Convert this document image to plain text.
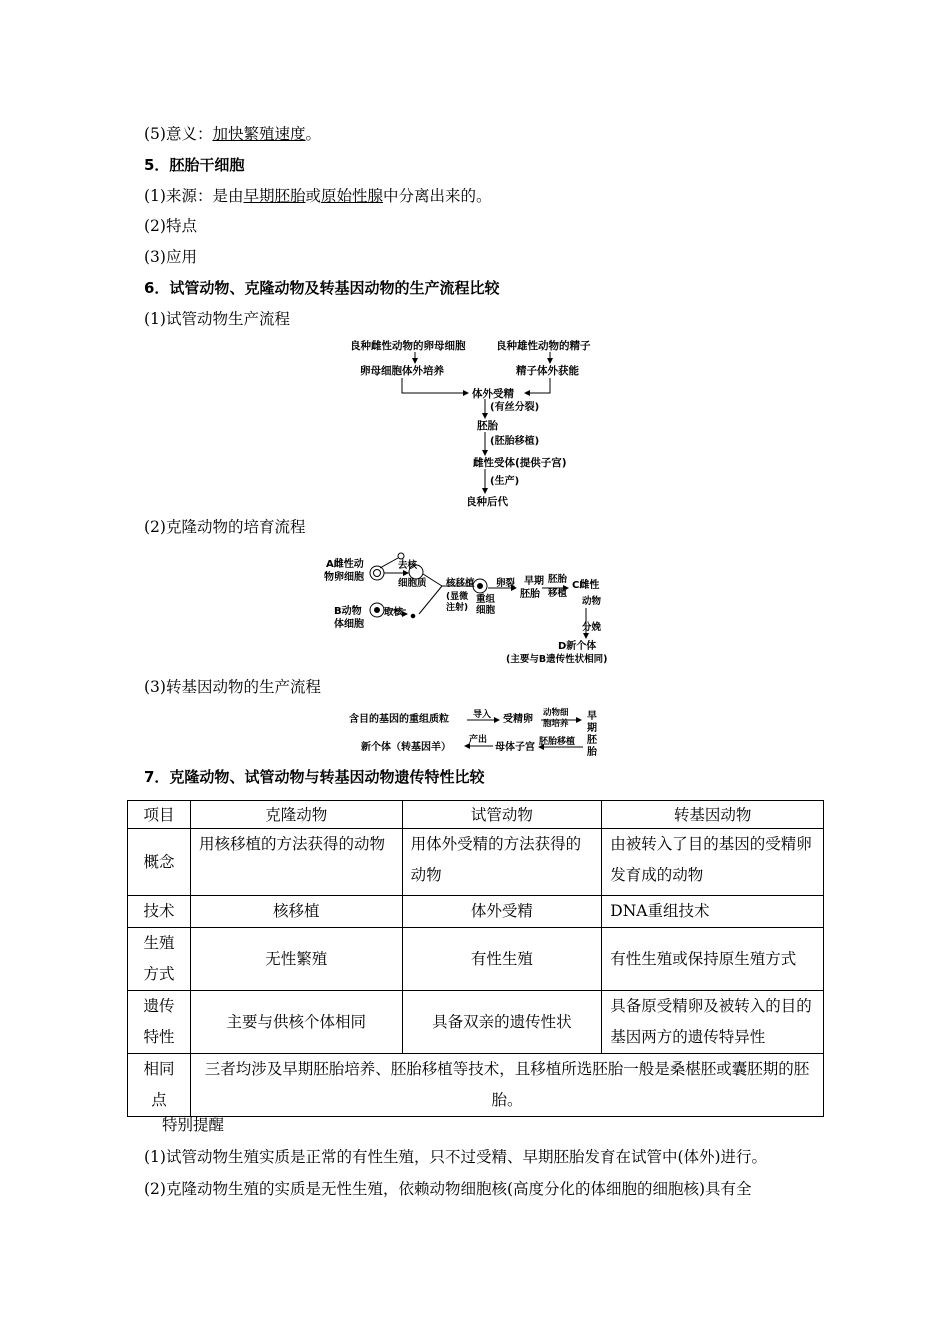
(5)意义：加快繁殖速度。
5．胚胎干细胞
(1)来源：是由早期胚胎或原始性腺中分离出来的。
(2)特点
(3)应用
6．试管动物、克隆动物及转基因动物的生产流程比较
(1)试管动物生产流程
良种雌性动物的卵母细胞	良种雄性动物的精子
卵母细胞体外培养	精子体外获能
体外受精
(有丝分裂)
胚胎
(胚胎移植)
雌性受体(提供子宫)
(生产)
良种后代
(2)克隆动物的培育流程
A雌性动
物卵细胞
去核
细胞质
B动物
体细胞
取核
核移植
(显微
注射)
重组
细胞
卵裂 早期
胚胎
胚胎
移植
C雌性
动物
分娩
D新个体
(主要与B遗传性状相同)
(3)转基因动物的生产流程
含目的基因的重组质粒	导入 受精卵
动物细
胞培养
早
期
胚
胎
新个体（转基因羊）
产出
母体子宫 胚胎移植
7．克隆动物、试管动物与转基因动物遗传特性比较
项目	克隆动物	试管动物	转基因动物
概念	用核移植的方法获得的动物	用体外受精的方法获得的动物	由被转入了目的基因的受精卵发育成的动物
技术	核移植	体外受精	DNA重组技术
生殖方式	无性繁殖	有性生殖	有性生殖或保持原生殖方式
遗传特性	主要与供核个体相同	具备双亲的遗传性状	具备原受精卵及被转入的目的基因两方的遗传特异性
相同点	三者均涉及早期胚胎培养、胚胎移植等技术，且移植所选胚胎一般是桑椹胚或囊胚期的胚胎。		
特别提醒
(1)试管动物生殖实质是正常的有性生殖，只不过受精、早期胚胎发育在试管中(体外)进行。
(2)克隆动物生殖的实质是无性生殖，依赖动物细胞核(高度分化的体细胞的细胞核)具有全
